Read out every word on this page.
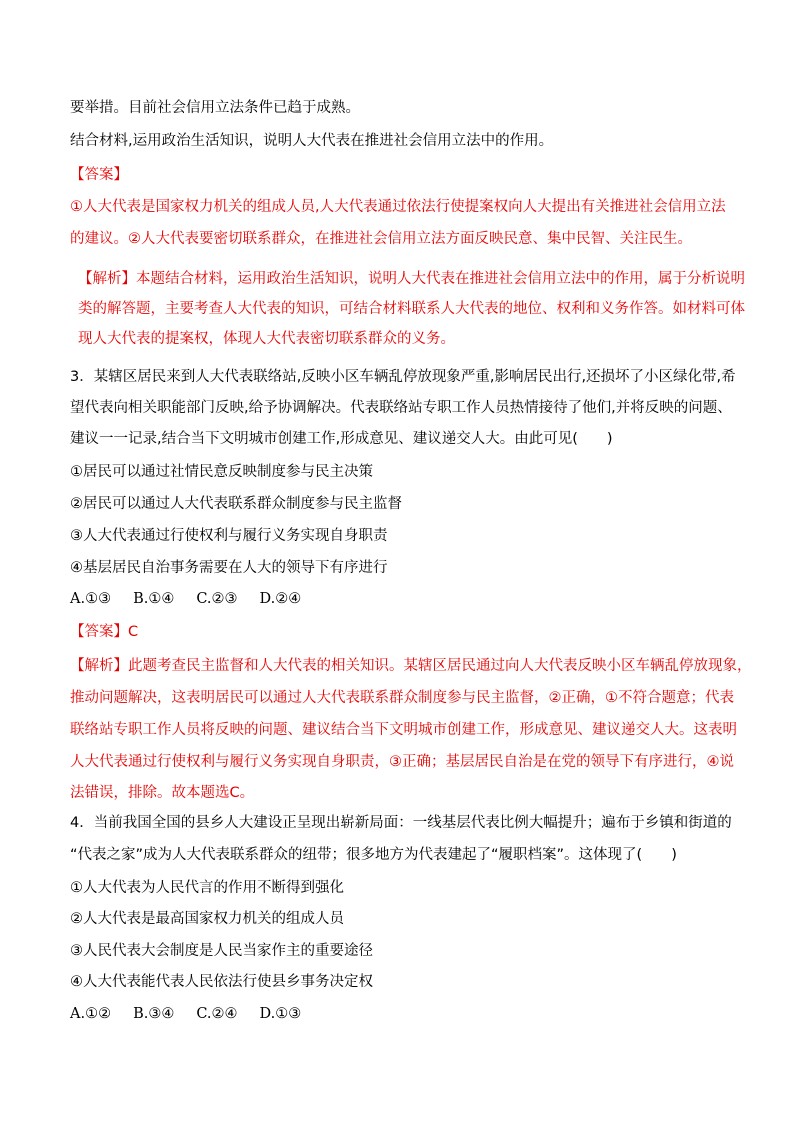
要举措。目前社会信用立法条件已趋于成熟。
结合材料,运用政治生活知识，说明人大代表在推进社会信用立法中的作用。
【答案】
①人大代表是国家权力机关的组成人员,人大代表通过依法行使提案权向人大提出有关推进社会信用立法
的建议。②人大代表要密切联系群众，在推进社会信用立法方面反映民意、集中民智、关注民生。
【解析】本题结合材料，运用政治生活知识，说明人大代表在推进社会信用立法中的作用，属于分析说明
类的解答题，主要考查人大代表的知识，可结合材料联系人大代表的地位、权利和义务作答。如材料可体
现人大代表的提案权，体现人大代表密切联系群众的义务。
3．某辖区居民来到人大代表联络站,反映小区车辆乱停放现象严重,影响居民出行,还损坏了小区绿化带,希
望代表向相关职能部门反映,给予协调解决。代表联络站专职工作人员热情接待了他们,并将反映的问题、
建议一一记录,结合当下文明城市创建工作,形成意见、建议递交人大。由此可见(　　)
①居民可以通过社情民意反映制度参与民主决策
②居民可以通过人大代表联系群众制度参与民主监督
③人大代表通过行使权利与履行义务实现自身职责
④基层居民自治事务需要在人大的领导下有序进行
A.①③ B.①④ C.②③ D.②④
【答案】C
【解析】此题考查民主监督和人大代表的相关知识。某辖区居民通过向人大代表反映小区车辆乱停放现象，
推动问题解决，这表明居民可以通过人大代表联系群众制度参与民主监督，②正确，①不符合题意；代表
联络站专职工作人员将反映的问题、建议结合当下文明城市创建工作，形成意见、建议递交人大。这表明
人大代表通过行使权利与履行义务实现自身职责，③正确；基层居民自治是在党的领导下有序进行，④说
法错误，排除。故本题选C。
4．当前我国全国的县乡人大建设正呈现出崭新局面：一线基层代表比例大幅提升；遍布于乡镇和街道的
“代表之家”成为人大代表联系群众的纽带；很多地方为代表建起了“履职档案”。这体现了(　　)
①人大代表为人民代言的作用不断得到强化
②人大代表是最高国家权力机关的组成人员
③人民代表大会制度是人民当家作主的重要途径
④人大代表能代表人民依法行使县乡事务决定权
A.①② B.③④ C.②④ D.①③
